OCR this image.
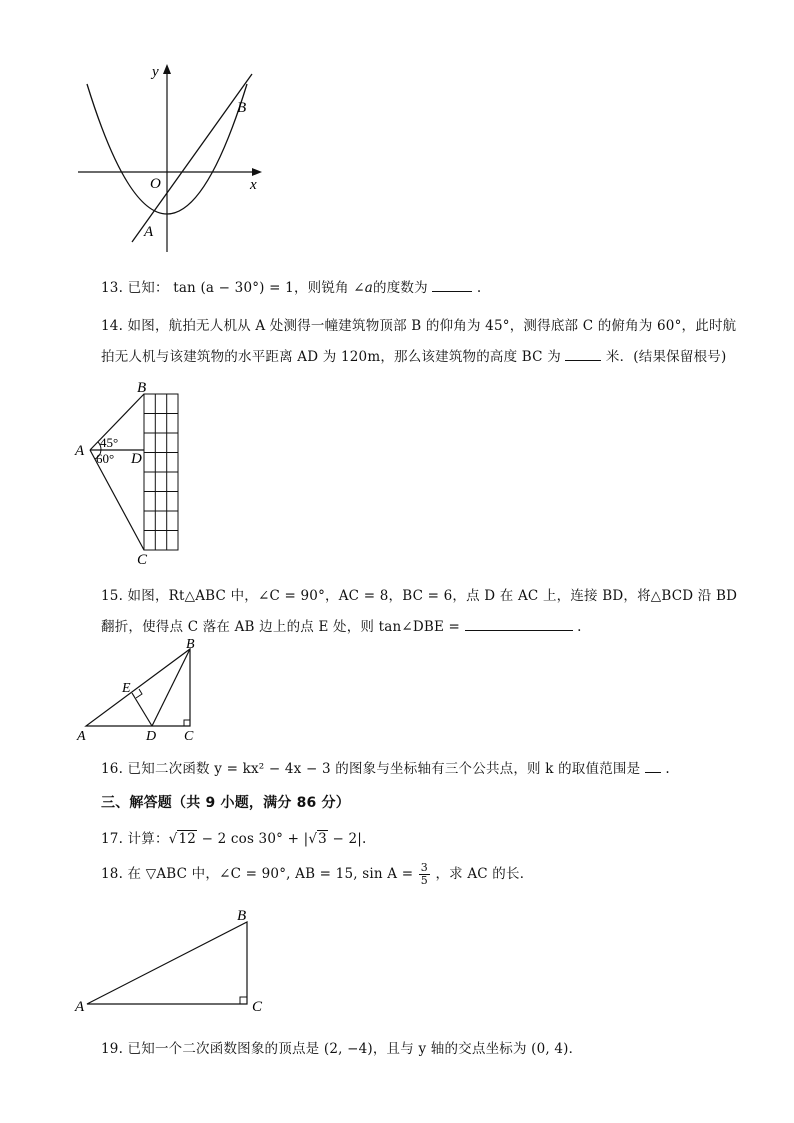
y
x
O
A
B
13. 已知： tan (a − 30°) = 1，则锐角 ∠a的度数为	.
14. 如图，航拍无人机从 A 处测得一幢建筑物顶部 B 的仰角为 45°，测得底部 C 的俯角为 60°，此时航
拍无人机与该建筑物的水平距离 AD 为 120m，那么该建筑物的高度 BC 为	米．(结果保留根号)
B
A	D
C
45°
60°
15. 如图，Rt△ABC 中，∠C = 90°，AC = 8，BC = 6，点 D 在 AC 上，连接 BD，将△BCD 沿 BD
翻折，使得点 C 落在 AB 边上的点 E 处，则 tan∠DBE =	.
B
E
A	D C
16. 已知二次函数 y = kx² − 4x − 3 的图象与坐标轴有三个公共点，则 k 的取值范围是 .
三、解答题（共 9 小题，满分 86 分）
17. 计算：√12 − 2 cos 30° + |√3 − 2|.
18. 在 ▽ABC 中，∠C = 90°, AB = 15, $\sin A = \frac{3}{5}$ ，求 AC 的长．
B
A	C
19. 已知一个二次函数图象的顶点是 (2, −4)，且与 y 轴的交点坐标为 (0, 4)．
